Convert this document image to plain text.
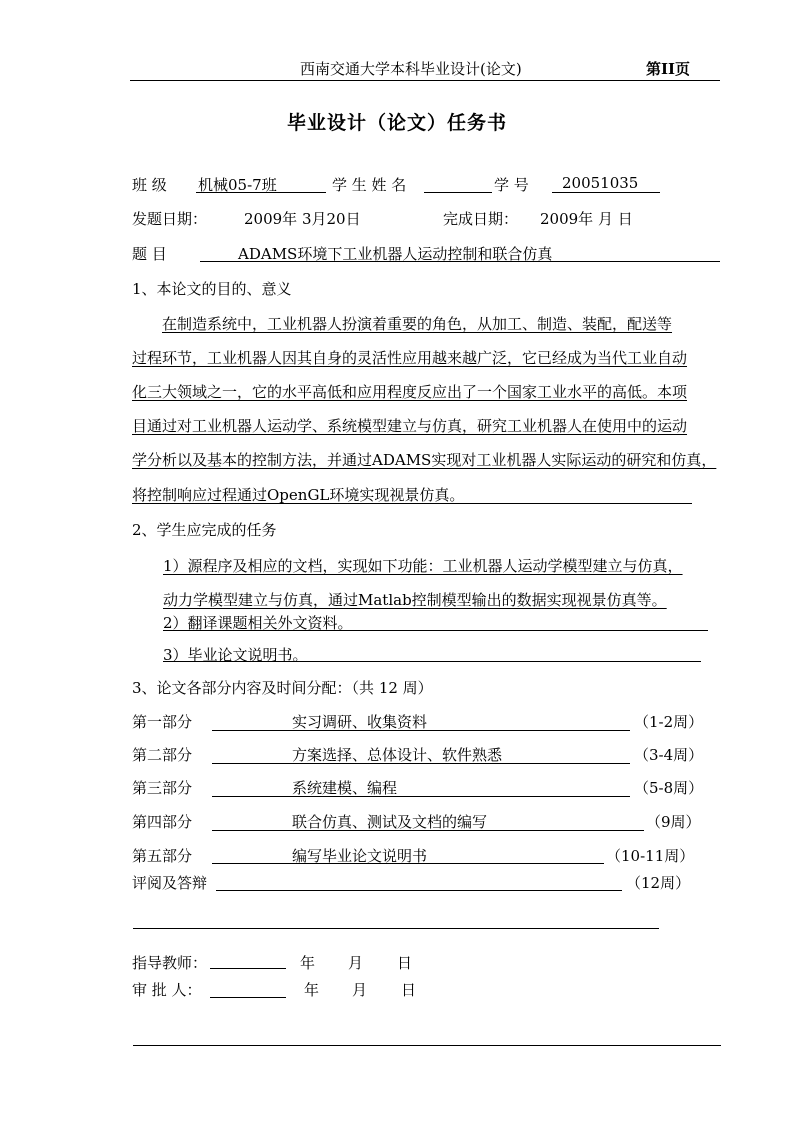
西南交通大学本科毕业设计(论文)	第II页
毕业设计（论文）任务书
班 级 机械05-7班	学 生 姓 名	学 号 20051035
发题日期： 2009年 3月20日	完成日期： 2009年 月 日
题 目	ADAMS环境下工业机器人运动控制和联合仿真
1、本论文的目的、意义
在制造系统中，工业机器人扮演着重要的角色，从加工、制造、装配，配送等
过程环节，工业机器人因其自身的灵活性应用越来越广泛，它已经成为当代工业自动
化三大领域之一，它的水平高低和应用程度反应出了一个国家工业水平的高低。本项
目通过对工业机器人运动学、系统模型建立与仿真，研究工业机器人在使用中的运动
学分析以及基本的控制方法，并通过ADAMS实现对工业机器人实际运动的研究和仿真，
将控制响应过程通过OpenGL环境实现视景仿真。
2、学生应完成的任务
1）源程序及相应的文档，实现如下功能：工业机器人运动学模型建立与仿真，
动力学模型建立与仿真，通过Matlab控制模型输出的数据实现视景仿真等。
2）翻译课题相关外文资料。
3）毕业论文说明书。
3、论文各部分内容及时间分配：（共 12 周）
第一部分	实习调研、收集资料	（1-2周）
第二部分	方案选择、总体设计、软件熟悉	（3-4周）
第三部分	系统建模、编程	（5-8周）
第四部分	联合仿真、测试及文档的编写	（9周）
第五部分	编写毕业论文说明书	（10-11周）
评阅及答辩	（12周）
指导教师：	年 月 日
审 批 人：	年 月 日
